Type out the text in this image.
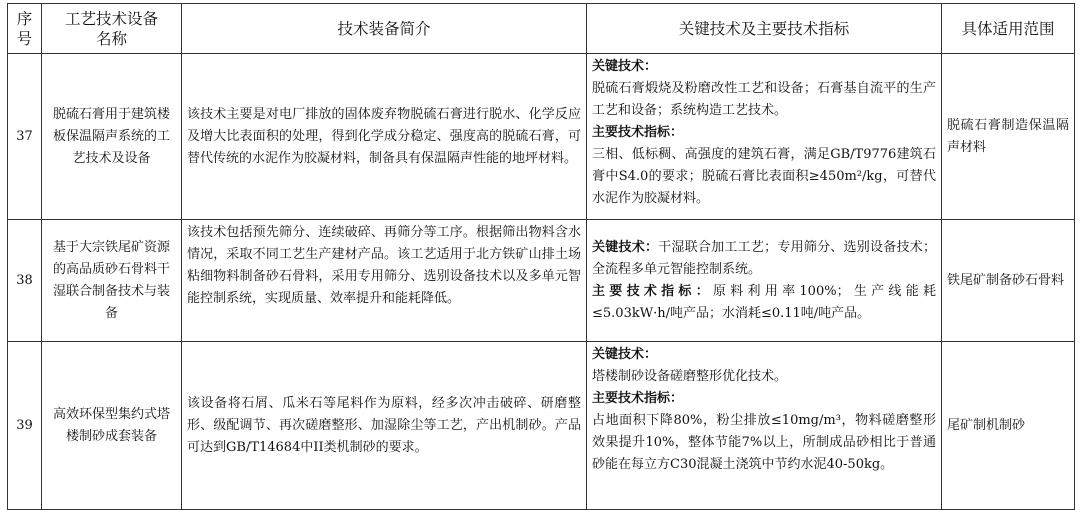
序号	工艺技术设备名称	技术装备简介	关键技术及主要技术指标	具体适用范围
37	脱硫石膏用于建筑楼板保温隔声系统的工艺技术及设备	该技术主要是对电厂排放的固体废弃物脱硫石膏进行脱水、化学反应及增大比表面积的处理，得到化学成分稳定、强度高的脱硫石膏，可替代传统的水泥作为胶凝材料，制备具有保温隔声性能的地坪材料。	关键技术：
脱硫石膏煅烧及粉磨改性工艺和设备；石膏基自流平的生产工艺和设备；系统构造工艺技术。
主要技术指标：
三相、低标稠、高强度的建筑石膏，满足GB/T9776建筑石膏中S4.0的要求；脱硫石膏比表面积≥450m²/kg，可替代水泥作为胶凝材料。	脱硫石膏制造保温隔声材料
38	基于大宗铁尾矿资源的高品质砂石骨料干湿联合制备技术与装备	该技术包括预先筛分、连续破碎、再筛分等工序。根据筛出物料含水情况，采取不同工艺生产建材产品。该工艺适用于北方铁矿山排土场粘细物料制备砂石骨料，采用专用筛分、选别设备技术以及多单元智能控制系统，实现质量、效率提升和能耗降低。	关键技术：干湿联合加工工艺；专用筛分、选别设备技术；全流程多单元智能控制系统。
主要技术指标：原料利用率100%；生产线能耗≤5.03kW·h/吨产品；水消耗≤0.11吨/吨产品。	铁尾矿制备砂石骨料
39	高效环保型集约式塔楼制砂成套装备	该设备将石屑、瓜米石等尾料作为原料，经多次冲击破碎、研磨整形、级配调节、再次磋磨整形、加湿除尘等工艺，产出机制砂。产品可达到GB/T14684中II类机制砂的要求。	关键技术：
塔楼制砂设备磋磨整形优化技术。
主要技术指标：
占地面积下降80%，粉尘排放≤10mg/m³，物料磋磨整形效果提升10%，整体节能7%以上，所制成品砂相比于普通砂能在每立方C30混凝土浇筑中节约水泥40-50kg。	尾矿制机制砂
